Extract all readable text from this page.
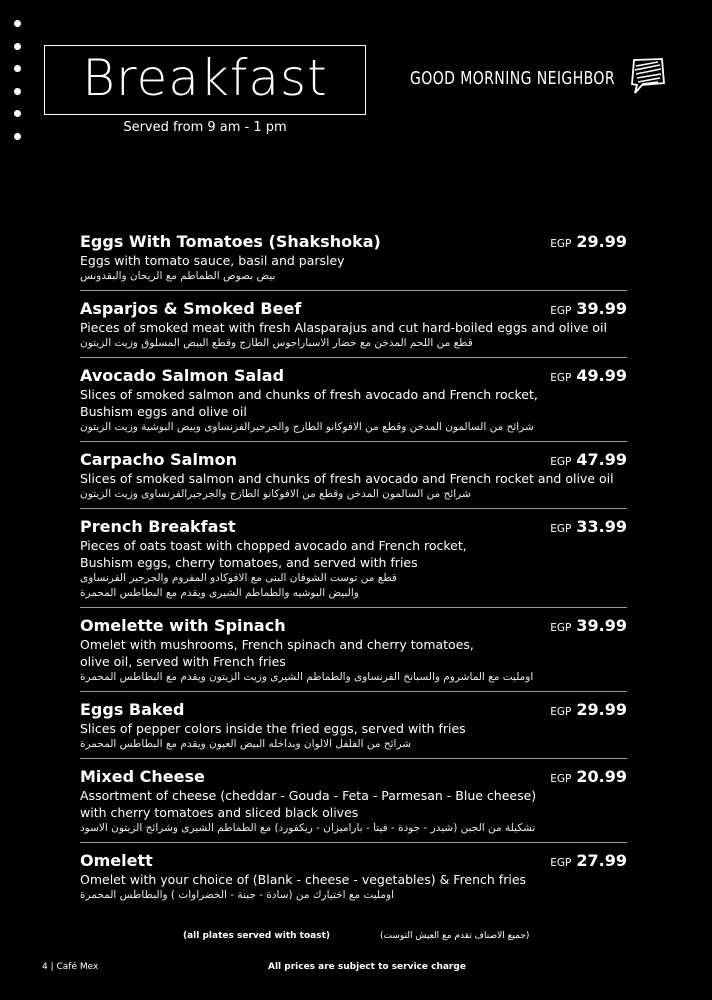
Breakfast
Served from 9 am - 1 pm
GOOD MORNING NEIGHBOR
Eggs With Tomatoes (Shakshoka)	EGP 29.99
Eggs with tomato sauce, basil and parsley
بيض بصوص الطماطم مع الريحان والبقدونس
Asparjos & Smoked Beef	EGP 39.99
Pieces of smoked meat with fresh Alasparajus and cut hard-boiled eggs and olive oil
قطع من اللحم المدخن مع خضار الاسباراجوس الطازج وقطع البيض المسلوق وزيت الزيتون
Avocado Salmon Salad	EGP 49.99
Slices of smoked salmon and chunks of fresh avocado and French rocket,
Bushism eggs and olive oil
شرائح من السالمون المدخن وقطع من الافوكانو الطازج والجرجيرالفرنساوى وبيض البوشية وزيت الزيتون
Carpacho Salmon	EGP 47.99
Slices of smoked salmon and chunks of fresh avocado and French rocket and olive oil
شرائح من السالمون المدخن وقطع من الافوكانو الطازج والجرجيرالفرنساوى وزيت الزيتون
Prench Breakfast	EGP 33.99
Pieces of oats toast with chopped avocado and French rocket,
Bushism eggs, cherry tomatoes, and served with fries
قطع من توست الشوفان البنى مع الافوكادو المفروم والجرجير الفرنساوى
والبيض البوشيه والطماطم الشيرى ويقدم مع البطاطس المحمرة
Omelette with Spinach	EGP 39.99
Omelet with mushrooms, French spinach and cherry tomatoes,
olive oil, served with French fries
اومليت مع الماشروم والسبانخ الفرنساوى والطماطم الشيرى وزيت الزيتون ويقدم مع البطاطس المحمرة
Eggs Baked	EGP 29.99
Slices of pepper colors inside the fried eggs, served with fries
شرائح من الفلفل الالوان وبداخله البيض العيون ويقدم مع البطاطس المحمرة
Mixed Cheese	EGP 20.99
Assortment of cheese (cheddar - Gouda - Feta - Parmesan - Blue cheese)
with cherry tomatoes and sliced black olives
تشكيلة من الجبن (شيدر - جودة - فيتا - بارامیزان - ریکفورد) مع الطماطم الشيرى وشرائح الزيتون الاسود
Omelett	EGP 27.99
Omelet with your choice of (Blank - cheese - vegetables) & French fries
اومليت مع اختيارك من (سادة - جبنة - الخضراوات ) والبطاطس المحمرة
(all plates served with toast)	(جميع الاصناف تقدم مع العيش التوست)
4 | Café Mex	All prices are subject to service charge
